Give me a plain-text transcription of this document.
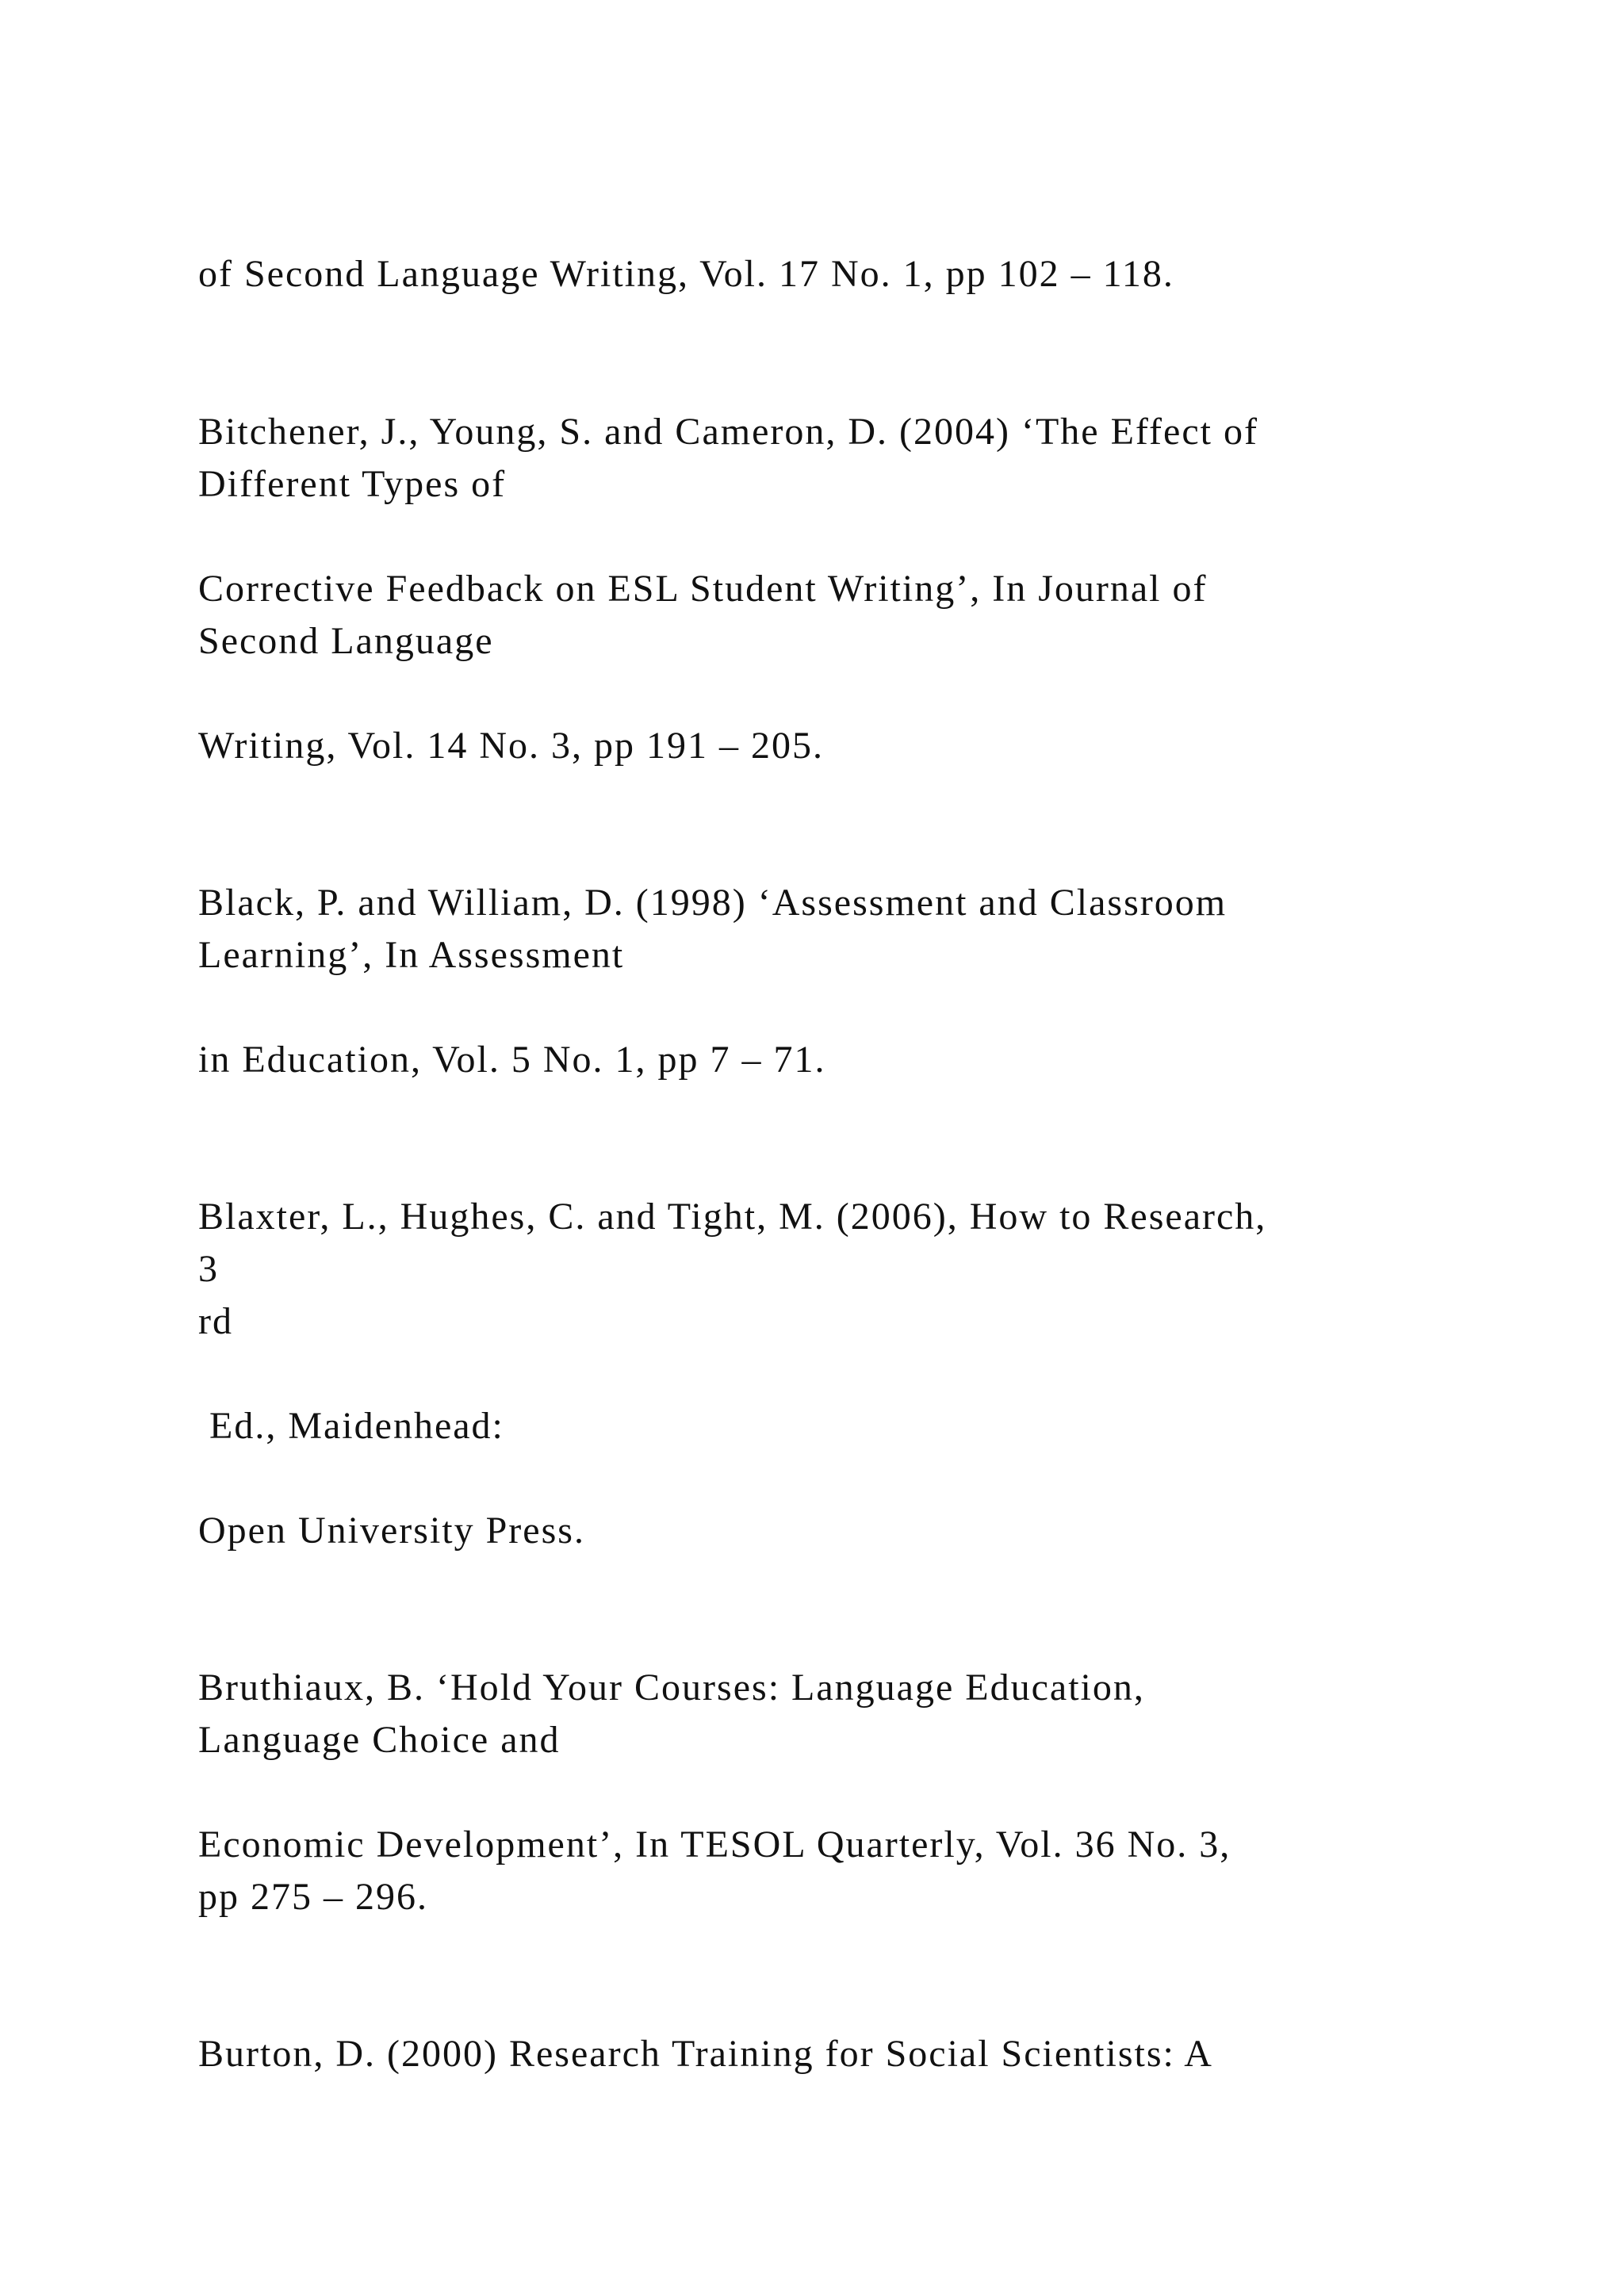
of Second Language Writing, Vol. 17 No. 1, pp 102 – 118.

Bitchener, J., Young, S. and Cameron, D. (2004) ‘The Effect of

Different Types of

Corrective Feedback on ESL Student Writing’, In Journal of

Second Language

Writing, Vol. 14 No. 3, pp 191 – 205.

Black, P. and William, D. (1998) ‘Assessment and Classroom

Learning’, In Assessment

in Education, Vol. 5 No. 1, pp 7 – 71.

Blaxter, L., Hughes, C. and Tight, M. (2006), How to Research,

3

rd

Ed., Maidenhead:

Open University Press.

Bruthiaux, B. ‘Hold Your Courses: Language Education,

Language Choice and

Economic Development’, In TESOL Quarterly, Vol. 36 No. 3,

pp 275 – 296.

Burton, D. (2000) Research Training for Social Scientists: A
